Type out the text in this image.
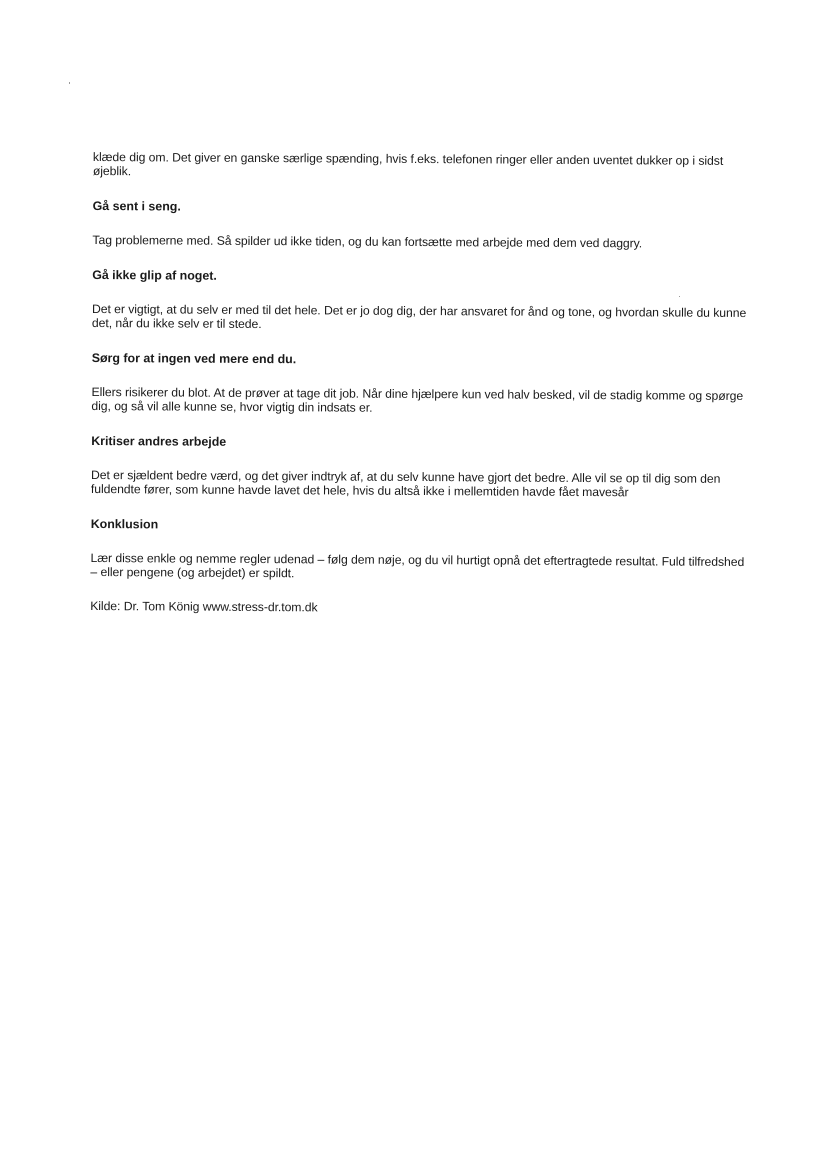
klæde dig om. Det giver en ganske særlige spænding, hvis f.eks. telefonen ringer eller anden uventet dukker op i sidst øjeblik.

Gå sent i seng.

Tag problemerne med. Så spilder ud ikke tiden, og du kan fortsætte med arbejde med dem ved daggry.

Gå ikke glip af noget.

Det er vigtigt, at du selv er med til det hele. Det er jo dog dig, der har ansvaret for ånd og tone, og hvordan skulle du kunne det, når du ikke selv er til stede.

Sørg for at ingen ved mere end du.

Ellers risikerer du blot. At de prøver at tage dit job. Når dine hjælpere kun ved halv besked, vil de stadig komme og spørge dig, og så vil alle kunne se, hvor vigtig din indsats er.

Kritiser andres arbejde

Det er sjældent bedre værd, og det giver indtryk af, at du selv kunne have gjort det bedre. Alle vil se op til dig som den fuldendte fører, som kunne havde lavet det hele, hvis du altså ikke i mellemtiden havde fået mavesår

Konklusion

Lær disse enkle og nemme regler udenad – følg dem nøje, og du vil hurtigt opnå det eftertragtede resultat. Fuld tilfredshed – eller pengene (og arbejdet) er spildt.

Kilde: Dr. Tom König www.stress-dr.tom.dk
